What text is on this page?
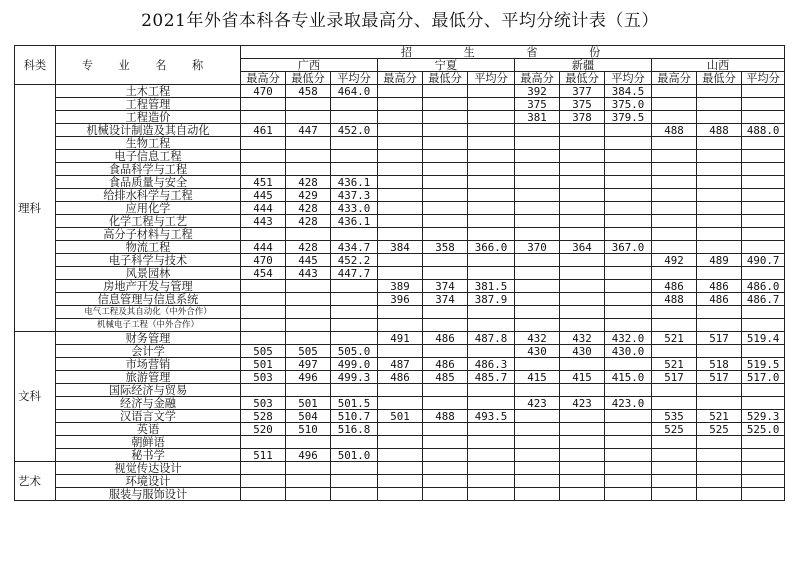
2021年外省本科各专业录取最高分、最低分、平均分统计表（五）
科类	专 业 名 称	招 生 省 份											
		广西			宁夏			新疆			山西		
		最高分	最低分	平均分	最高分	最低分	平均分	最高分	最低分	平均分	最高分	最低分	平均分
理科	土木工程	470	458	464.0				392	377	384.5			
	工程管理							375	375	375.0			
	工程造价							381	378	379.5			
	机械设计制造及其自动化	461	447	452.0							488	488	488.0
	生物工程												
	电子信息工程												
	食品科学与工程												
	食品质量与安全	451	428	436.1									
	给排水科学与工程	445	429	437.3									
	应用化学	444	428	433.0									
	化学工程与工艺	443	428	436.1									
	高分子材料与工程												
	物流工程	444	428	434.7	384	358	366.0	370	364	367.0			
	电子科学与技术	470	445	452.2							492	489	490.7
	风景园林	454	443	447.7									
	房地产开发与管理				389	374	381.5				486	486	486.0
	信息管理与信息系统				396	374	387.9				488	486	486.7
	电气工程及其自动化（中外合作）												
	机械电子工程（中外合作）												
文科	财务管理				491	486	487.8	432	432	432.0	521	517	519.4
	会计学	505	505	505.0				430	430	430.0			
	市场营销	501	497	499.0	487	486	486.3				521	518	519.5
	旅游管理	503	496	499.3	486	485	485.7	415	415	415.0	517	517	517.0
	国际经济与贸易												
	经济与金融	503	501	501.5				423	423	423.0			
	汉语言文学	528	504	510.7	501	488	493.5				535	521	529.3
	英语	520	510	516.8							525	525	525.0
	朝鲜语												
	秘书学	511	496	501.0									
艺术	视觉传达设计												
	环境设计												
	服装与服饰设计												
